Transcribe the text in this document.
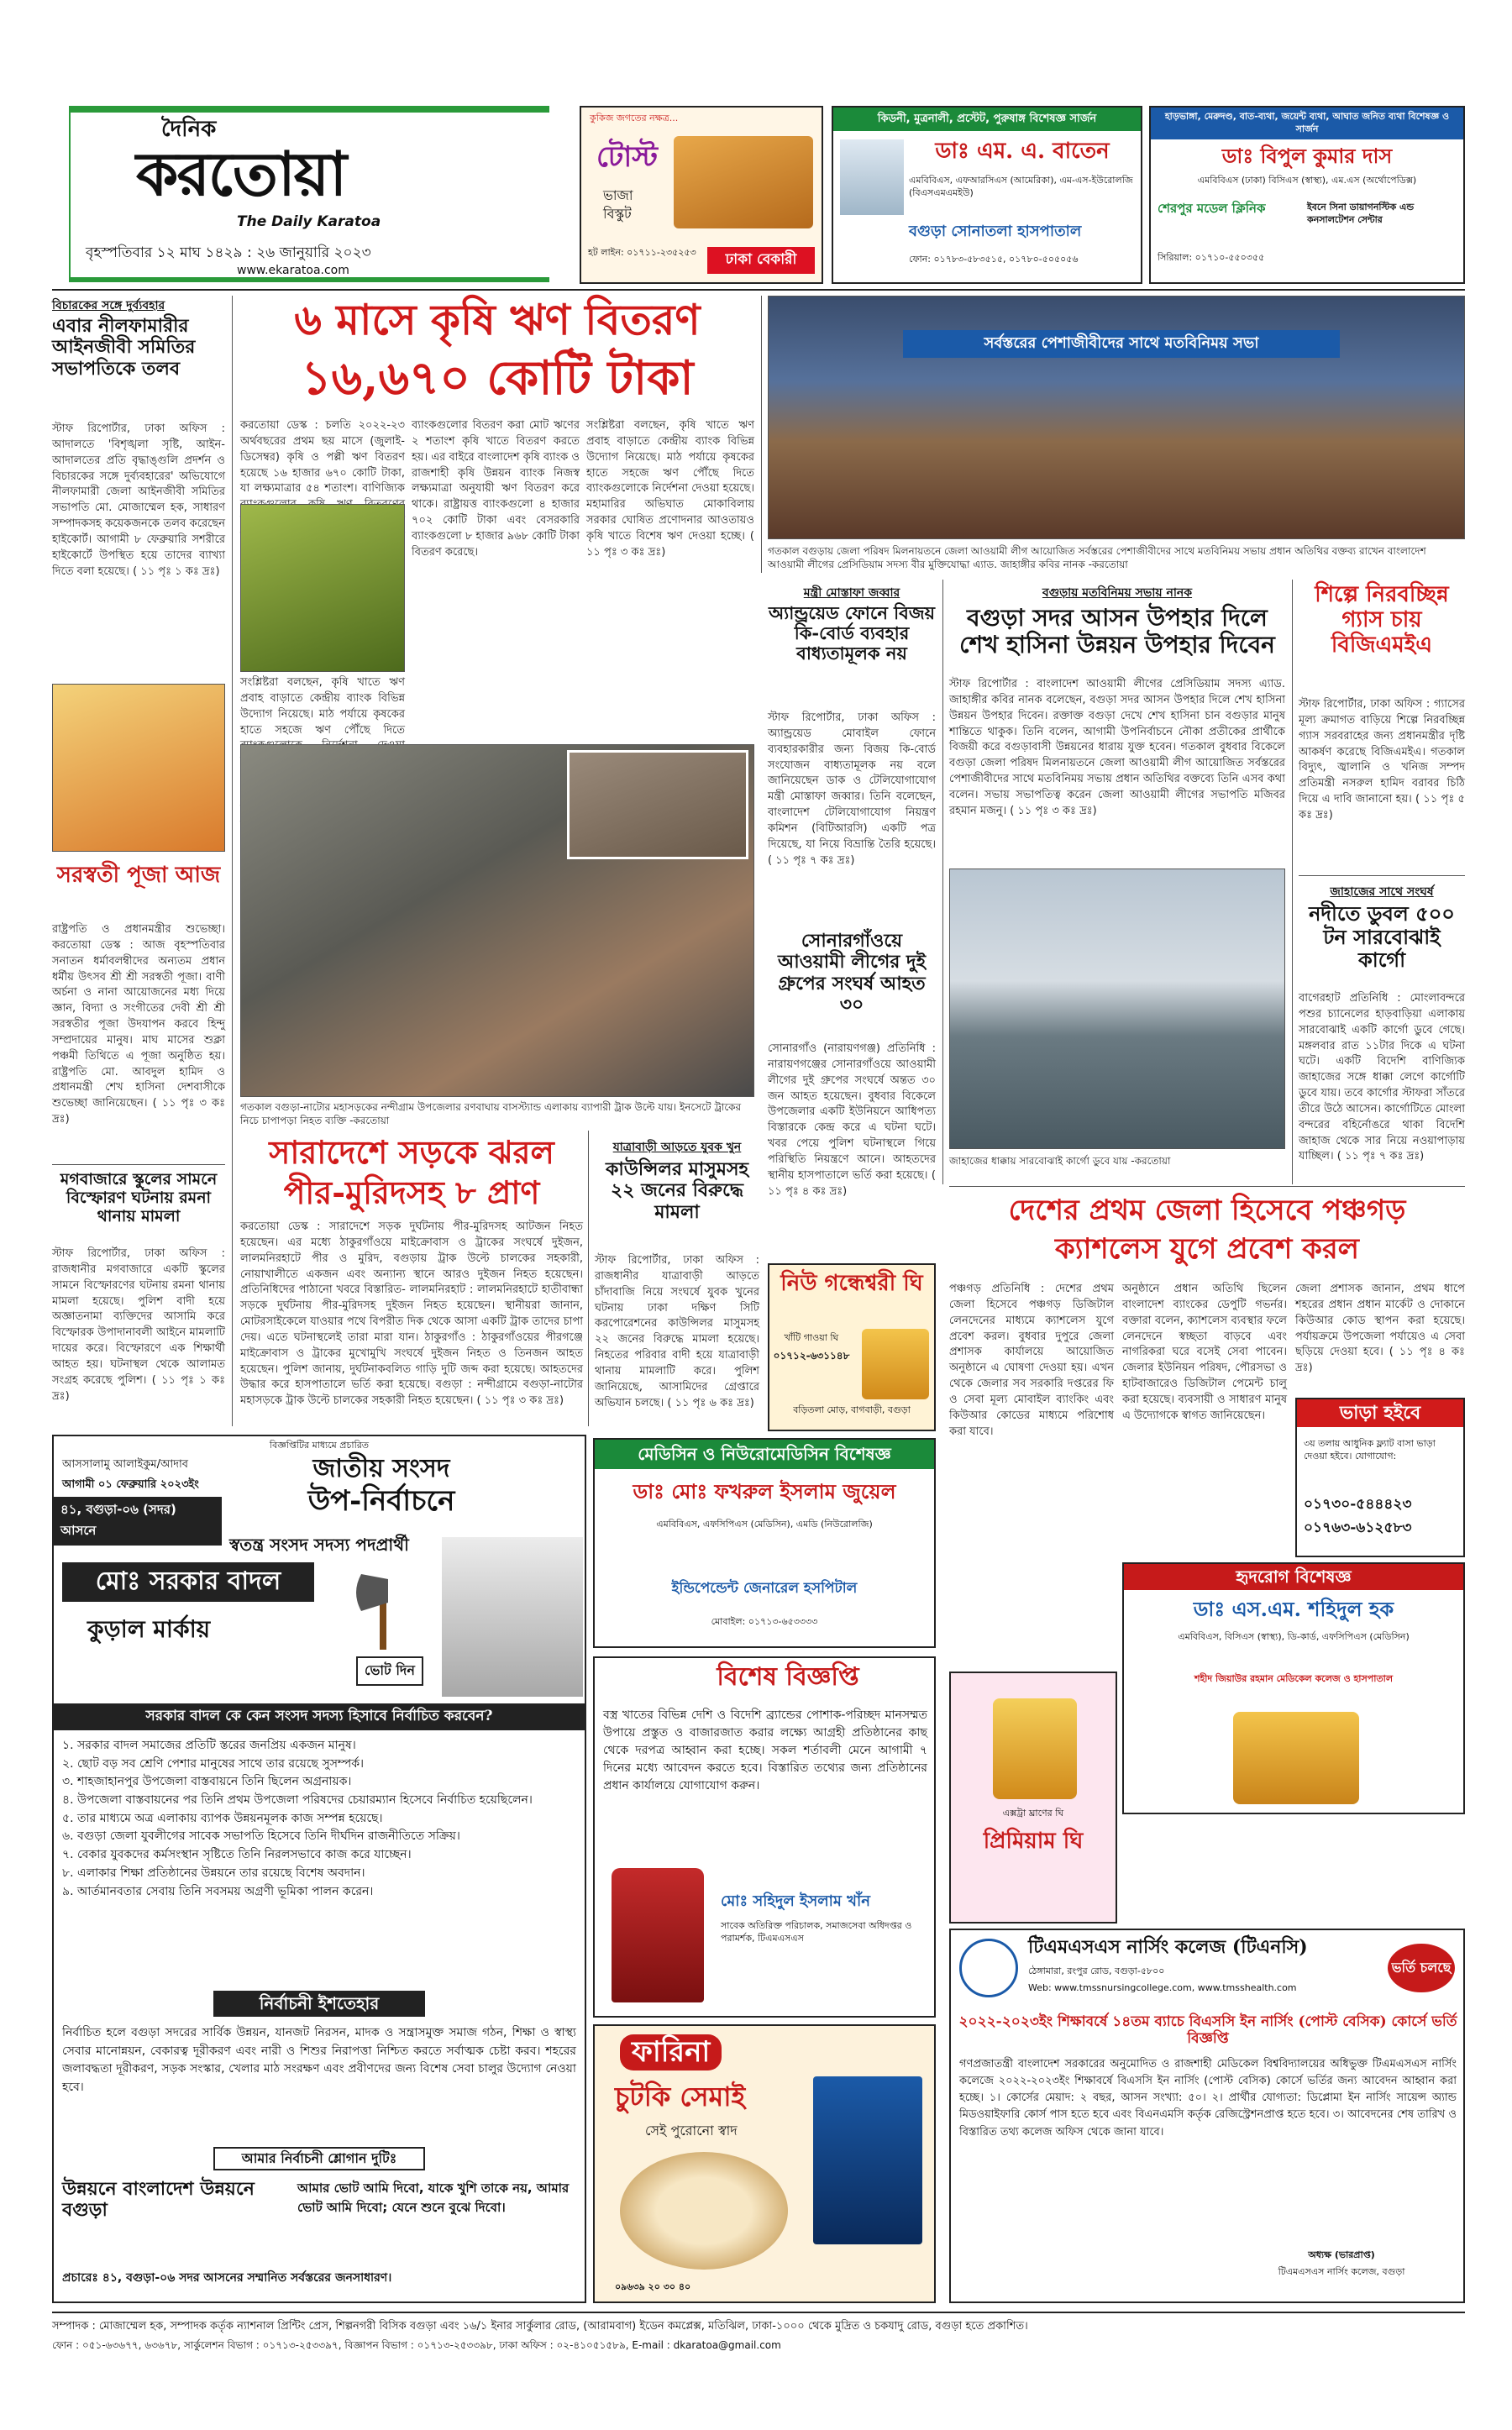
দৈনিক
করতোয়া
The Daily Karatoa
বৃহস্পতিবার ১২ মাঘ ১৪২৯ : ২৬ জানুয়ারি ২০২৩
www.ekaratoa.com
কুকিজ জগতের নক্ষত্র...
টোস্ট
ভাজা
বিস্কুট
হট লাইন: ০১৭১১-২৩৫২৫৩	ঢাকা বেকারী
কিডনী, মুত্রনালী, প্রস্টেট, পুরুষাঙ্গ বিশেষজ্ঞ সার্জন
ডাঃ এম. এ. বাতেন
এমবিবিএস, এফআরসিএস (আমেরিকা), এম-এস-ইউরোলজি (বিএসএমএমইউ)
বগুড়া সোনাতলা হাসপাতাল
ফোন: ০১৭৮৩-৫৮৩৫১৫, ০১৭৮০-৫০৫০৫৬
হাড়ভাঙ্গা, মেরুদণ্ড, বাত-ব্যথা, জয়েন্ট ব্যথা, আঘাত জনিত ব্যথা বিশেষজ্ঞ ও সার্জন
ডাঃ বিপুল কুমার দাস
এমবিবিএস (ঢাকা) বিসিএস (স্বাস্থ্য), এম.এস (অর্থোপেডিক্স)
শেরপুর মডেল ক্লিনিক	ইবনে সিনা ডায়াগনস্টিক এন্ড কনসালটেশন সেন্টার
সিরিয়াল: ০১৭১০-৫৫০৩৫৫
বিচারকের সঙ্গে দুর্ব্যবহার
এবার নীলফামারীর আইনজীবী সমিতির সভাপতিকে তলব
স্টাফ রিপোর্টার, ঢাকা অফিস : আদালতে 'বিশৃঙ্খলা সৃষ্টি, আইন-আদালতের প্রতি বৃদ্ধাঙ্গুলি প্রদর্শন ও বিচারকের সঙ্গে দুর্ব্যবহারের' অভিযোগে নীলফামারী জেলা আইনজীবী সমিতির সভাপতি মো. মোজাম্মেল হক, সাধারণ সম্পাদকসহ কয়েকজনকে তলব করেছেন হাইকোর্ট। আগামী ৮ ফেব্রুয়ারি সশরীরে হাইকোর্টে উপস্থিত হয়ে তাদের ব্যাখ্যা দিতে বলা হয়েছে। ( ১১ পৃঃ ১ কঃ দ্রঃ)
সরস্বতী পূজা আজ
রাষ্ট্রপতি ও প্রধানমন্ত্রীর শুভেচ্ছা। করতোয়া ডেস্ক : আজ বৃহস্পতিবার সনাতন ধর্মাবলম্বীদের অন্যতম প্রধান ধর্মীয় উৎসব শ্রী শ্রী সরস্বতী পূজা। বাণী অর্চনা ও নানা আয়োজনের মধ্য দিয়ে জ্ঞান, বিদ্যা ও সংগীতের দেবী শ্রী শ্রী সরস্বতীর পূজা উদযাপন করবে হিন্দু সম্প্রদায়ের মানুষ। মাঘ মাসের শুক্লা পঞ্চমী তিথিতে এ পূজা অনুষ্ঠিত হয়। রাষ্ট্রপতি মো. আবদুল হামিদ ও প্রধানমন্ত্রী শেখ হাসিনা দেশবাসীকে শুভেচ্ছা জানিয়েছেন। ( ১১ পৃঃ ৩ কঃ দ্রঃ)
মগবাজারে স্কুলের সামনে বিস্ফোরণ ঘটনায় রমনা থানায় মামলা
স্টাফ রিপোর্টার, ঢাকা অফিস : রাজধানীর মগবাজারে একটি স্কুলের সামনে বিস্ফোরণের ঘটনায় রমনা থানায় মামলা হয়েছে। পুলিশ বাদী হয়ে অজ্ঞাতনামা ব্যক্তিদের আসামি করে বিস্ফোরক উপাদানাবলী আইনে মামলাটি দায়ের করে। বিস্ফোরণে এক শিক্ষার্থী আহত হয়। ঘটনাস্থল থেকে আলামত সংগ্রহ করেছে পুলিশ। ( ১১ পৃঃ ১ কঃ দ্রঃ)
৬ মাসে কৃষি ঋণ বিতরণ
১৬,৬৭০ কোটি টাকা
করতোয়া ডেস্ক : চলতি ২০২২-২৩ অর্থবছরের প্রথম ছয় মাসে (জুলাই-ডিসেম্বর) কৃষি ও পল্লী ঋণ বিতরণ হয়েছে ১৬ হাজার ৬৭০ কোটি টাকা, যা লক্ষ্যমাত্রার ৫৪ শতাংশ। বাণিজ্যিক
সংশ্লিষ্টরা বলছেন, কৃষি খাতে ঋণ প্রবাহ বাড়াতে কেন্দ্রীয় ব্যাংক বিভিন্ন উদ্যোগ নিয়েছে। মাঠ পর্যায়ে কৃষকের হাতে সহজে ঋণ পৌঁছে দিতে
ব্যাংকগুলোর বিতরণ করা মোট ঋণের ২ শতাংশ কৃষি খাতে বিতরণ করতে হয়। এর বাইরে বাংলাদেশ কৃষি ব্যাংক ও রাজশাহী কৃষি উন্নয়ন ব্যাংক নিজস্ব লক্ষ্যমাত্রা অনুযায়ী ঋণ বিতরণ করে থাকে। রাষ্ট্রায়ত্ত ব্যাংকগুলো ৪ হাজার ৭০২ কোটি টাকা এবং বেসরকারি ব্যাংকগুলো ৮ হাজার ৯৬৮ কোটি টাকা বিতরণ করেছে।
সংশ্লিষ্টরা বলছেন, কৃষি খাতে ঋণ প্রবাহ বাড়াতে কেন্দ্রীয় ব্যাংক বিভিন্ন উদ্যোগ নিয়েছে। মাঠ পর্যায়ে কৃষকের হাতে সহজে ঋণ পৌঁছে দিতে ব্যাংকগুলোকে নির্দেশনা দেওয়া হয়েছে। মহামারির অভিঘাত মোকাবিলায় সরকার ঘোষিত প্রণোদনার আওতায়ও কৃষি খাতে বিশেষ ঋণ দেওয়া হচ্ছে। ( ১১ পৃঃ ৩ কঃ দ্রঃ)
সর্বস্তরের পেশাজীবীদের সাথে মতবিনিময় সভা
গতকাল বগুড়ায় জেলা পরিষদ মিলনায়তনে জেলা আওয়ামী লীগ আয়োজিত সর্বস্তরের পেশাজীবীদের সাথে মতবিনিময় সভায় প্রধান অতিথির বক্তব্য রাখেন বাংলাদেশ আওয়ামী লীগের প্রেসিডিয়াম সদস্য বীর মুক্তিযোদ্ধা এ্যাড. জাহাঙ্গীর কবির নানক -করতোয়া
মন্ত্রী মোস্তাফা জব্বার
অ্যান্ড্রয়েড ফোনে বিজয় কি-বোর্ড ব্যবহার বাধ্যতামূলক নয়
স্টাফ রিপোর্টার, ঢাকা অফিস : অ্যান্ড্রয়েড মোবাইল ফোনে ব্যবহারকারীর জন্য বিজয় কি-বোর্ড সংযোজন বাধ্যতামূলক নয় বলে জানিয়েছেন ডাক ও টেলিযোগাযোগ মন্ত্রী মোস্তাফা জব্বার। তিনি বলেছেন, বাংলাদেশ টেলিযোগাযোগ নিয়ন্ত্রণ কমিশন (বিটিআরসি) একটি পত্র দিয়েছে, যা নিয়ে বিভ্রান্তি তৈরি হয়েছে। ( ১১ পৃঃ ৭ কঃ দ্রঃ)
বগুড়ায় মতবিনিময় সভায় নানক
বগুড়া সদর আসন উপহার দিলে শেখ হাসিনা উন্নয়ন উপহার দিবেন
স্টাফ রিপোর্টার : বাংলাদেশ আওয়ামী লীগের প্রেসিডিয়াম সদস্য এ্যাড. জাহাঙ্গীর কবির নানক বলেছেন, বগুড়া সদর আসন উপহার দিলে শেখ হাসিনা উন্নয়ন উপহার দিবেন। রক্তাক্ত বগুড়া দেখে শেখ হাসিনা চান বগুড়ার মানুষ শান্তিতে থাকুক। তিনি বলেন, আগামী উপনির্বাচনে নৌকা প্রতীকের প্রার্থীকে বিজয়ী করে বগুড়াবাসী উন্নয়নের ধারায় যুক্ত হবেন। গতকাল বুধবার বিকেলে বগুড়া জেলা পরিষদ মিলনায়তনে জেলা আওয়ামী লীগ আয়োজিত সর্বস্তরের পেশাজীবীদের সাথে মতবিনিময় সভায় প্রধান অতিথির বক্তব্যে তিনি এসব কথা বলেন। সভায় সভাপতিত্ব করেন জেলা আওয়ামী লীগের সভাপতি মজিবর রহমান মজনু। ( ১১ পৃঃ ৩ কঃ দ্রঃ)
শিল্পে নিরবচ্ছিন্ন গ্যাস চায় বিজিএমইএ
স্টাফ রিপোর্টার, ঢাকা অফিস : গ্যাসের মূল্য ক্রমাগত বাড়িয়ে শিল্পে নিরবচ্ছিন্ন গ্যাস সরবরাহের জন্য প্রধানমন্ত্রীর দৃষ্টি আকর্ষণ করেছে বিজিএমইএ। গতকাল বিদ্যুৎ, জ্বালানি ও খনিজ সম্পদ প্রতিমন্ত্রী নসরুল হামিদ বরাবর চিঠি দিয়ে এ দাবি জানানো হয়। ( ১১ পৃঃ ৫ কঃ দ্রঃ)
জাহাজের সাথে সংঘর্ষ
নদীতে ডুবল ৫০০ টন সারবোঝাই কার্গো
বাগেরহাট প্রতিনিধি : মোংলাবন্দরে পশুর চ্যানেলের হাড়বাড়িয়া এলাকায় সারবোঝাই একটি কার্গো ডুবে গেছে। মঙ্গলবার রাত ১১টার দিকে এ ঘটনা ঘটে। একটি বিদেশি বাণিজ্যিক জাহাজের সঙ্গে ধাক্কা লেগে কার্গোটি ডুবে যায়। তবে কার্গোর স্টাফরা সাঁতরে তীরে উঠে আসেন। কার্গোটিতে মোংলা বন্দরের বহির্নোঙরে থাকা বিদেশি জাহাজ থেকে সার নিয়ে নওয়াপাড়ায় যাচ্ছিল। ( ১১ পৃঃ ৭ কঃ দ্রঃ)
গতকাল বগুড়া-নাটোর মহাসড়কের নন্দীগ্রাম উপজেলার রণবাঘায় বাসস্ট্যান্ড এলাকায় ব্যাপারী ট্রাক উল্টে যায়। ইনসেটে ট্রাকের নিচে চাপাপড়া নিহত ব্যক্তি -করতোয়া
সোনারগাঁওয়ে আওয়ামী লীগের দুই গ্রুপের সংঘর্ষ আহত ৩০
সোনারগাঁও (নারায়ণগঞ্জ) প্রতিনিধি : নারায়ণগঞ্জের সোনারগাঁওয়ে আওয়ামী লীগের দুই গ্রুপের সংঘর্ষে অন্তত ৩০ জন আহত হয়েছেন। বুধবার বিকেলে উপজেলার একটি ইউনিয়নে আধিপত্য বিস্তারকে কেন্দ্র করে এ ঘটনা ঘটে। খবর পেয়ে পুলিশ ঘটনাস্থলে গিয়ে পরিস্থিতি নিয়ন্ত্রণে আনে। আহতদের স্থানীয় হাসপাতালে ভর্তি করা হয়েছে। ( ১১ পৃঃ ৪ কঃ দ্রঃ)
জাহাজের ধাক্কায় সারবোঝাই কার্গো ডুবে যায় -করতোয়া
সারাদেশে সড়কে ঝরল
পীর-মুরিদসহ ৮ প্রাণ
করতোয়া ডেস্ক : সারাদেশে সড়ক দুর্ঘটনায় পীর-মুরিদসহ আটজন নিহত হয়েছেন। এর মধ্যে ঠাকুরগাঁওয়ে মাইক্রোবাস ও ট্রাকের সংঘর্ষে দুইজন, লালমনিরহাটে পীর ও মুরিদ, বগুড়ায় ট্রাক উল্টে চালকের সহকারী, নোয়াখালীতে একজন এবং অন্যান্য স্থানে আরও দুইজন নিহত হয়েছেন। প্রতিনিধিদের পাঠানো খবরে বিস্তারিত- লালমনিরহাট : লালমনিরহাটে হাতীবান্ধা সড়কে দুর্ঘটনায় পীর-মুরিদসহ দুইজন নিহত হয়েছেন। স্থানীয়রা জানান, মোটরসাইকেলে যাওয়ার পথে বিপরীত দিক থেকে আসা একটি ট্রাক তাদের চাপা দেয়। এতে ঘটনাস্থলেই তারা মারা যান। ঠাকুরগাঁও : ঠাকুরগাঁওয়ের পীরগঞ্জে মাইক্রোবাস ও ট্রাকের মুখোমুখি সংঘর্ষে দুইজন নিহত ও তিনজন আহত হয়েছেন। পুলিশ জানায়, দুর্ঘটনাকবলিত গাড়ি দুটি জব্দ করা হয়েছে। আহতদের উদ্ধার করে হাসপাতালে ভর্তি করা হয়েছে। বগুড়া : নন্দীগ্রামে বগুড়া-নাটোর মহাসড়কে ট্রাক উল্টে চালকের সহকারী নিহত হয়েছেন। ( ১১ পৃঃ ৩ কঃ দ্রঃ)
যাত্রাবাড়ী আড়তে যুবক খুন
কাউন্সিলর মাসুমসহ ২২ জনের বিরুদ্ধে মামলা
স্টাফ রিপোর্টার, ঢাকা অফিস : রাজধানীর যাত্রাবাড়ী আড়তে চাঁদাবাজি নিয়ে সংঘর্ষে যুবক খুনের ঘটনায় ঢাকা দক্ষিণ সিটি করপোরেশনের কাউন্সিলর মাসুমসহ ২২ জনের বিরুদ্ধে মামলা হয়েছে। নিহতের পরিবার বাদী হয়ে যাত্রাবাড়ী থানায় মামলাটি করে। পুলিশ জানিয়েছে, আসামিদের গ্রেপ্তারে অভিযান চলছে। ( ১১ পৃঃ ৬ কঃ দ্রঃ)
নিউ গন্ধেশ্বরী ঘি
খাঁটি গাওয়া ঘি
০১৭১২-৬৩১১৪৮
বড়িতলা মোড়, বাগবাড়ী, বগুড়া
দেশের প্রথম জেলা হিসেবে পঞ্চগড়
ক্যাশলেস যুগে প্রবেশ করল
পঞ্চগড় প্রতিনিধি : দেশের প্রথম জেলা হিসেবে পঞ্চগড় ডিজিটাল লেনদেনের মাধ্যমে ক্যাশলেস যুগে প্রবেশ করল। বুধবার দুপুরে জেলা প্রশাসক কার্যালয়ে আয়োজিত অনুষ্ঠানে এ ঘোষণা দেওয়া হয়। এখন থেকে জেলার সব সরকারি দপ্তরের ফি ও সেবা মূল্য মোবাইল ব্যাংকিং এবং কিউআর কোডের মাধ্যমে পরিশোধ করা যাবে।
অনুষ্ঠানে প্রধান অতিথি ছিলেন বাংলাদেশ ব্যাংকের ডেপুটি গভর্নর। বক্তারা বলেন, ক্যাশলেস ব্যবস্থার ফলে লেনদেনে স্বচ্ছতা বাড়বে এবং নাগরিকরা ঘরে বসেই সেবা পাবেন। জেলার ইউনিয়ন পরিষদ, পৌরসভা ও হাটবাজারেও ডিজিটাল পেমেন্ট চালু করা হয়েছে। ব্যবসায়ী ও সাধারণ মানুষ এ উদ্যোগকে স্বাগত জানিয়েছেন।
জেলা প্রশাসক জানান, প্রথম ধাপে শহরের প্রধান প্রধান মার্কেট ও দোকানে কিউআর কোড স্থাপন করা হয়েছে। পর্যায়ক্রমে উপজেলা পর্যায়েও এ সেবা ছড়িয়ে দেওয়া হবে। ( ১১ পৃঃ ৪ কঃ দ্রঃ)
ভাড়া হইবে
৩য় তলায় আধুনিক ফ্ল্যাট বাসা ভাড়া দেওয়া হইবে। যোগাযোগ:
০১৭৩০-৫৪৪৪২৩
০১৭৬৩-৬১২৫৮৩
বিজ্ঞপ্তিটির মাধ্যমে প্রচারিত
আসসালামু আলাইকুম/আদাব	জাতীয় সংসদ
আগামী ০১ ফেব্রুয়ারি ২০২৩ইং	উপ-নির্বাচনে
৪১, বগুড়া-০৬ (সদর) আসনে
স্বতন্ত্র সংসদ সদস্য পদপ্রার্থী
মোঃ সরকার বাদল
ভোট দিন
কুড়াল মার্কায়
সরকার বাদল কে কেন সংসদ সদস্য হিসাবে নির্বাচিত করবেন?
১. সরকার বাদল সমাজের প্রতিটি স্তরের জনপ্রিয় একজন মানুষ।
২. ছোট বড় সব শ্রেণি পেশার মানুষের সাথে তার রয়েছে সুসম্পর্ক।
৩. শাহজাহানপুর উপজেলা বাস্তবায়নে তিনি ছিলেন অগ্রনায়ক।
৪. উপজেলা বাস্তবায়নের পর তিনি প্রথম উপজেলা পরিষদের চেয়ারম্যান হিসেবে নির্বাচিত হয়েছিলেন।
৫. তার মাধ্যমে অত্র এলাকায় ব্যাপক উন্নয়নমূলক কাজ সম্পন্ন হয়েছে।
৬. বগুড়া জেলা যুবলীগের সাবেক সভাপতি হিসেবে তিনি দীর্ঘদিন রাজনীতিতে সক্রিয়।
৭. বেকার যুবকদের কর্মসংস্থান সৃষ্টিতে তিনি নিরলসভাবে কাজ করে যাচ্ছেন।
৮. এলাকার শিক্ষা প্রতিষ্ঠানের উন্নয়নে তার রয়েছে বিশেষ অবদান।
৯. আর্তমানবতার সেবায় তিনি সবসময় অগ্রণী ভূমিকা পালন করেন।
নির্বাচনী ইশতেহার
নির্বাচিত হলে বগুড়া সদরের সার্বিক উন্নয়ন, যানজট নিরসন, মাদক ও সন্ত্রাসমুক্ত সমাজ গঠন, শিক্ষা ও স্বাস্থ্য সেবার মানোন্নয়ন, বেকারত্ব দূরীকরণ এবং নারী ও শিশুর নিরাপত্তা নিশ্চিত করতে সর্বাত্মক চেষ্টা করব। শহরের জলাবদ্ধতা দূরীকরণ, সড়ক সংস্কার, খেলার মাঠ সংরক্ষণ এবং প্রবীণদের জন্য বিশেষ সেবা চালুর উদ্যোগ নেওয়া হবে।
আমার নির্বাচনী শ্লোগান দুটিঃ
উন্নয়নে বাংলাদেশ উন্নয়নে বগুড়া
আমার ভোট আমি দিবো, যাকে খুশি তাকে নয়, আমার ভোট আমি দিবো; যেনে শুনে বুঝে দিবো।
প্রচারেঃ ৪১, বগুড়া-০৬ সদর আসনের সম্মানিত সর্বস্তরের জনসাধারণ।
মেডিসিন ও নিউরোমেডিসিন বিশেষজ্ঞ
ডাঃ মোঃ ফখরুল ইসলাম জুয়েল
এমবিবিএস, এফসিপিএস (মেডিসিন), এমডি (নিউরোলজি)
ইন্ডিপেন্ডেন্ট জেনারেল হসপিটাল
মোবাইল: ০১৭১৩-৬৫৩৩৩৩
হৃদরোগ বিশেষজ্ঞ
ডাঃ এস.এম. শহিদুল হক
এমবিবিএস, বিসিএস (স্বাস্থ্য), ডি-কার্ড, এফসিপিএস (মেডিসিন)
শহীদ জিয়াউর রহমান মেডিকেল কলেজ ও হাসপাতাল
এক্সট্রা ঘ্রাণের ঘি
প্রিমিয়াম ঘি
বিশেষ বিজ্ঞপ্তি
বস্ত্র খাতের বিভিন্ন দেশি ও বিদেশি ব্র্যান্ডের পোশাক-পরিচ্ছদ মানসম্মত উপায়ে প্রস্তুত ও বাজারজাত করার লক্ষ্যে আগ্রহী প্রতিষ্ঠানের কাছ থেকে দরপত্র আহ্বান করা হচ্ছে। সকল শর্তাবলী মেনে আগামী ৭ দিনের মধ্যে আবেদন করতে হবে। বিস্তারিত তথ্যের জন্য প্রতিষ্ঠানের প্রধান কার্যালয়ে যোগাযোগ করুন।
মোঃ সহিদুল ইসলাম খাঁন
সাবেক অতিরিক্ত পরিচালক, সমাজসেবা অধিদপ্তর ও পরামর্শক, টিএমএসএস	টিএমএসএস নার্সিং কলেজ (টিএনসি)
ঠেঙ্গামারা, রংপুর রোড, বগুড়া-৫৮০০
Web: www.tmssnursingcollege.com, www.tmsshealth.com
ভর্তি চলছে
২০২২-২০২৩ইং শিক্ষাবর্ষে ১৪তম ব্যাচে বিএসসি ইন নার্সিং (পোস্ট বেসিক) কোর্সে ভর্তি বিজ্ঞপ্তি
গণপ্রজাতন্ত্রী বাংলাদেশ সরকারের অনুমোদিত ও রাজশাহী মেডিকেল বিশ্ববিদ্যালয়ের অধিভুক্ত টিএমএসএস নার্সিং কলেজে ২০২২-২০২৩ইং শিক্ষাবর্ষে বিএসসি ইন নার্সিং (পোস্ট বেসিক) কোর্সে ভর্তির জন্য আবেদন আহ্বান করা হচ্ছে। ১। কোর্সের মেয়াদ: ২ বছর, আসন সংখ্যা: ৫০। ২। প্রার্থীর যোগ্যতা: ডিপ্লোমা ইন নার্সিং সায়েন্স অ্যান্ড মিডওয়াইফারি কোর্স পাস হতে হবে এবং বিএনএমসি কর্তৃক রেজিস্ট্রেশনপ্রাপ্ত হতে হবে। ৩। আবেদনের শেষ তারিখ ও বিস্তারিত তথ্য কলেজ অফিস থেকে জানা যাবে।
অধ্যক্ষ (ভারপ্রাপ্ত)
টিএমএসএস নার্সিং কলেজ, বগুড়া
ফারিনা
চুটকি সেমাই
সেই পুরোনো স্বাদ
০৯৬৩৯ ২০ ৩০ ৪০
সম্পাদক : মোজাম্মেল হক, সম্পাদক কর্তৃক ন্যাশনাল প্রিন্টিং প্রেস, শিল্পনগরী বিসিক বগুড়া এবং ১৬/১ ইনার সার্কুলার রোড, (আরামবাগ) ইডেন কমপ্লেক্স, মতিঝিল, ঢাকা-১০০০ থেকে মুদ্রিত ও চকযাদু রোড, বগুড়া হতে প্রকাশিত।
ফোন : ০৫১-৬৩৬৭৭, ৬৩৬৭৮, সার্কুলেশন বিভাগ : ০১৭১৩-২৫৩৩৯৭, বিজ্ঞাপন বিভাগ : ০১৭১৩-২৫৩৩৯৮, ঢাকা অফিস : ০২-৪১০৫১৫৮৯, E-mail : dkaratoa@gmail.com
